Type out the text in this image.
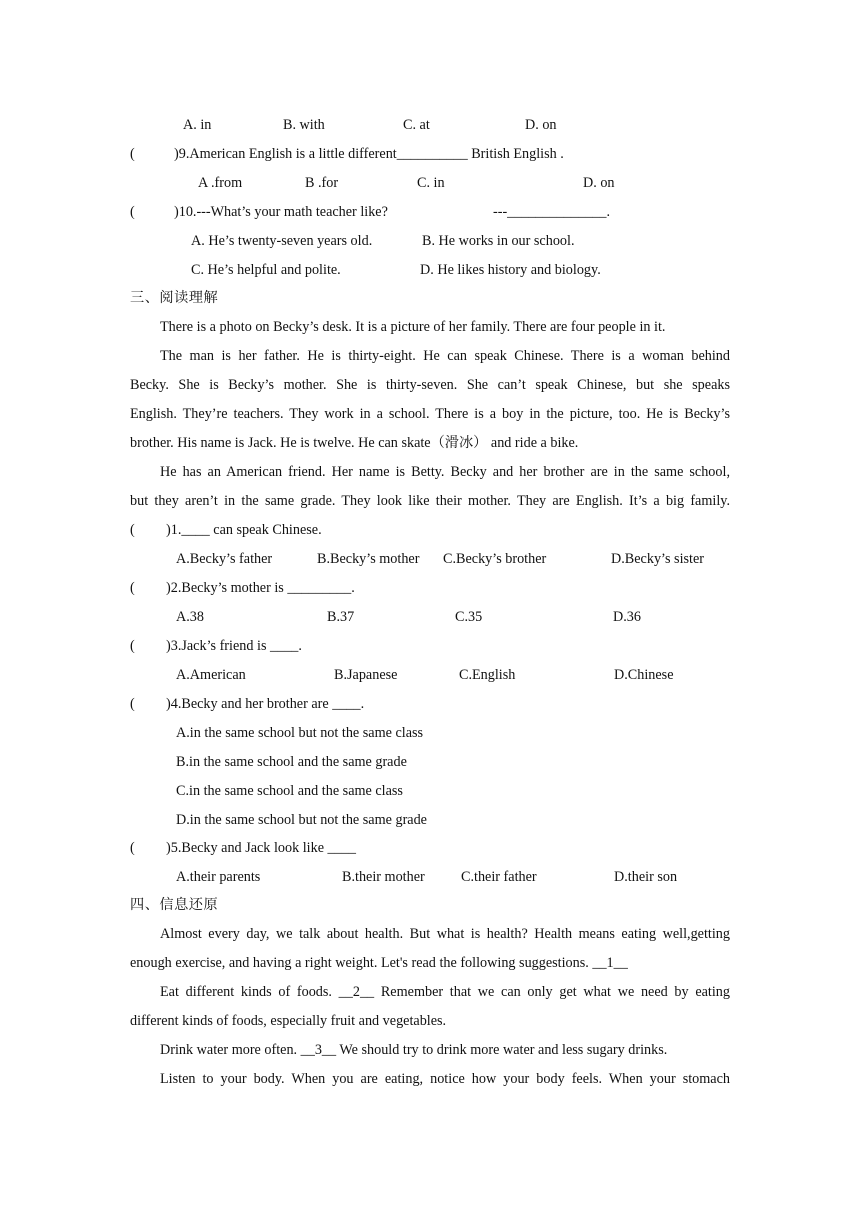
A. in	B. with	C. at	D. on
(	)9.American English is a little different__________ British English .
A .from	B .for	C. in	D. on
(	)10.---What’s your math teacher like?	---______________.
A. He’s twenty-seven years old.	B. He works in our school.
C. He’s helpful and polite.	D. He likes history and biology.
三、阅读理解
There is a photo on Becky’s desk. It is a picture of her family. There are four people in it.
The man is her father. He is thirty-eight. He can speak Chinese. There is a woman behind
Becky. She is Becky’s mother. She is thirty-seven. She can’t speak Chinese, but she speaks
English. They’re teachers. They work in a school. There is a boy in the picture, too. He is Becky’s
brother. His name is Jack. He is twelve. He can skate（滑冰） and ride a bike.
He has an American friend. Her name is Betty. Becky and her brother are in the same school,
but they aren’t in the same grade. They look like their mother. They are English. It’s a big family.
( )1.____ can speak Chinese.
A.Becky’s father	B.Becky’s mother C.Becky’s brother	D.Becky’s sister
( )2.Becky’s mother is _________.
A.38	B.37	C.35	D.36
( )3.Jack’s friend is ____.
A.American	B.Japanese	C.English	D.Chinese
( )4.Becky and her brother are ____.
A.in the same school but not the same class
B.in the same school and the same grade
C.in the same school and the same class
D.in the same school but not the same grade
( )5.Becky and Jack look like ____
A.their parents	B.their mother	C.their father	D.their son
四、信息还原
Almost every day, we talk about health. But what is health? Health means eating well,getting
enough exercise, and having a right weight. Let's read the following suggestions. __1__
Eat different kinds of foods. __2__ Remember that we can only get what we need by eating
different kinds of foods, especially fruit and vegetables.
Drink water more often. __3__ We should try to drink more water and less sugary drinks.
Listen to your body. When you are eating, notice how your body feels. When your stomach
